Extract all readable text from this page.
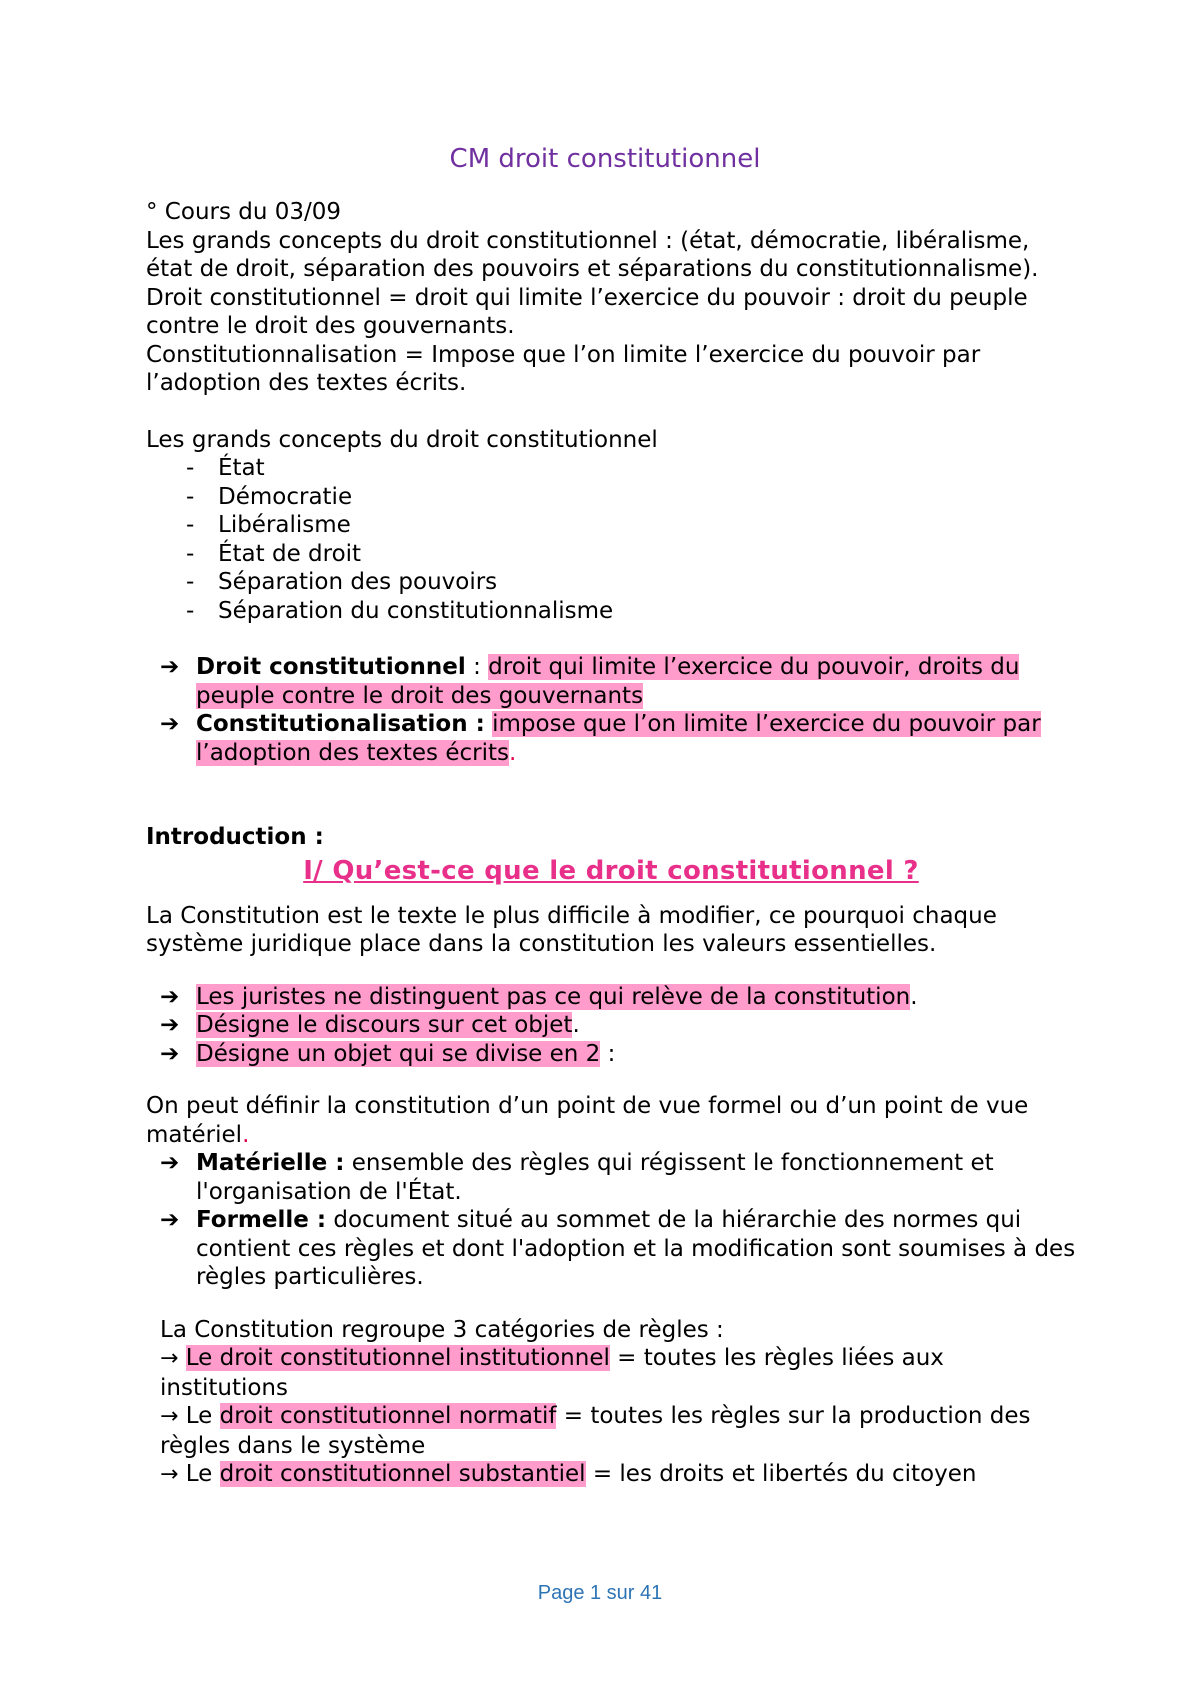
CM droit constitutionnel

° Cours du 03/09

Les grands concepts du droit constitutionnel : (état, démocratie, libéralisme, état de droit, séparation des pouvoirs et séparations du constitutionnalisme).

Droit constitutionnel = droit qui limite l’exercice du pouvoir : droit du peuple contre le droit des gouvernants.

Constitutionnalisation = Impose que l’on limite l’exercice du pouvoir par l’adoption des textes écrits.

Les grands concepts du droit constitutionnel

- État
- Démocratie
- Libéralisme
- État de droit
- Séparation des pouvoirs
- Séparation du constitutionnalisme
➔ Droit constitutionnel : droit qui limite l’exercice du pouvoir, droits du peuple contre le droit des gouvernants
➔ Constitutionalisation : impose que l’on limite l’exercice du pouvoir par l’adoption des textes écrits.

Introduction :

I/ Qu’est-ce que le droit constitutionnel ?

La Constitution est le texte le plus difficile à modifier, ce pourquoi chaque système juridique place dans la constitution les valeurs essentielles.

➔ Les juristes ne distinguent pas ce qui relève de la constitution.
➔ Désigne le discours sur cet objet.
➔ Désigne un objet qui se divise en 2 :

On peut définir la constitution d’un point de vue formel ou d’un point de vue matériel.

➔ Matérielle : ensemble des règles qui régissent le fonctionnement et l'organisation de l'État.
➔ Formelle : document situé au sommet de la hiérarchie des normes qui contient ces règles et dont l'adoption et la modification sont soumises à des règles particulières.

La Constitution regroupe 3 catégories de règles :

→ Le droit constitutionnel institutionnel = toutes les règles liées aux institutions

→ Le droit constitutionnel normatif = toutes les règles sur la production des règles dans le système

→ Le droit constitutionnel substantiel = les droits et libertés du citoyen

Page 1 sur 41
